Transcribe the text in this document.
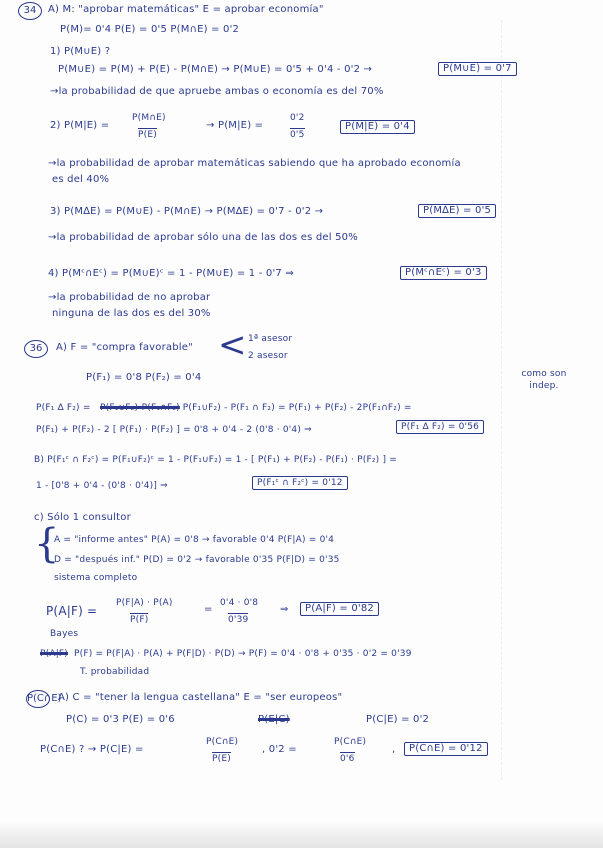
34	A) M: "aprobar matemáticas" E = aprobar economía"
P(M)= 0'4 P(E) = 0'5 P(M∩E) = 0'2
1) P(M∪E) ?
P(M∪E) = P(M) + P(E) - P(M∩E) → P(M∪E) = 0'5 + 0'4 - 0'2 →	P(M∪E) = 0'7
→la probabilidad de que apruebe ambas o economía es del 70%
2) P(M|E) =
P(M∩E)
P(E)
→ P(M|E) =
0'2
0'5
P(M|E) = 0'4
→la probabilidad de aprobar matemáticas sabiendo que ha aprobado economía
es del 40%
3) P(M∆E) = P(M∪E) - P(M∩E) → P(M∆E) = 0'7 - 0'2 →	P(M∆E) = 0'5
→la probabilidad de aprobar sólo una de las dos es del 50%
4) P(Mᶜ∩Eᶜ) = P(M∪E)ᶜ = 1 - P(M∪E) = 1 - 0'7 ⇒	P(Mᶜ∩Eᶜ) = 0'3
→la probabilidad de no aprobar
ninguna de las dos es del 30%
36	A) F = "compra favorable" < 1ª asesor
2 asesor
P(F₁) = 0'8 P(F₂) = 0'4	como son indep.
P(F₁ ∆ F₂) = P(F₁∪F₂)-P(F₁∩F₂)
= P(F₁∪F₂) - P(F₁ ∩ F₂) = P(F₁) + P(F₂) - 2P(F₁∩F₂) =
P(F₁) + P(F₂) - 2 [ P(F₁) · P(F₂) ] = 0'8 + 0'4 - 2 (0'8 · 0'4) ⇒	P(F₁ ∆ F₂) = 0'56
B) P(F₁ᶜ ∩ F₂ᶜ) = P(F₁∪F₂)ᶜ = 1 - P(F₁∪F₂) = 1 - [ P(F₁) + P(F₂) - P(F₁) · P(F₂) ] =
1 - [0'8 + 0'4 - (0'8 · 0'4)] ⇒	P(F₁ᶜ ∩ F₂ᶜ) = 0'12
c) Sólo 1 consultor
{
A = "informe antes" P(A) = 0'8 → favorable 0'4 P(F|A) = 0'4
D = "después inf." P(D) = 0'2 → favorable 0'35 P(F|D) = 0'35
sistema completo
P(A|F) =
P(F|A) · P(A)
P(F)
=
0'4 · 0'8
0'39
⇒	P(A|F) = 0'82
Bayes
P(A|F) P(F) = P(F|A) · P(A) + P(F|D) · P(D) → P(F) = 0'4 · 0'8 + 0'35 · 0'2 = 0'39
T. probabilidad
P(C∩E)
A) C = "tener la lengua castellana" E = "ser europeos"
P(C) = 0'3 P(E) = 0'6	P(E|C)	P(C|E) = 0'2
P(C∩E) ? → P(C|E) =
P(C∩E)
P(E)
, 0'2 =
P(C∩E)
0'6
,	P(C∩E) = 0'12
